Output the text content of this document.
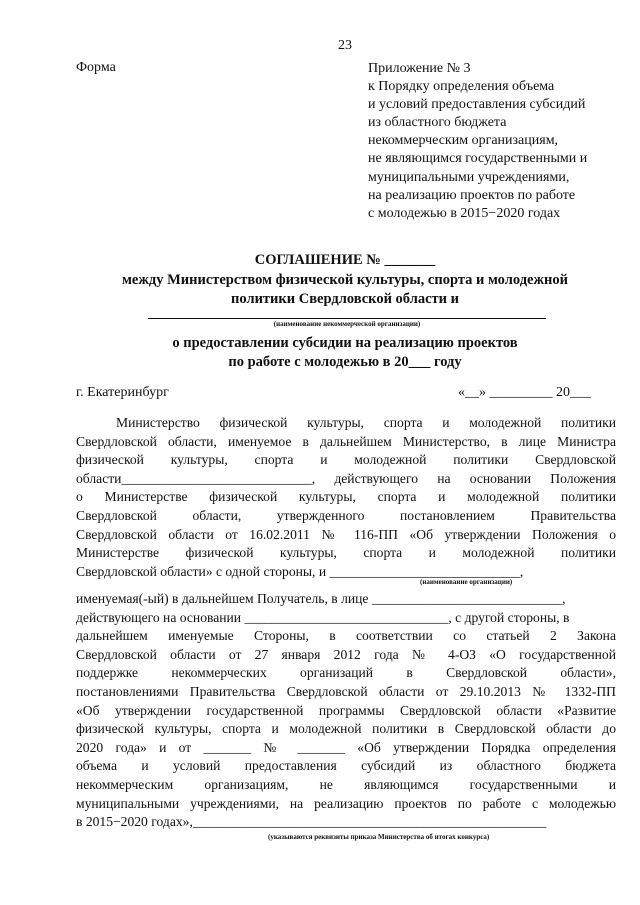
23
Форма	Приложение № 3
к Порядку определения объема
и условий предоставления субсидий
из областного бюджета
некоммерческим организациям,
не являющимся государственными и
муниципальными учреждениями,
на реализацию проектов по работе
с молодежью в 2015−2020 годах
СОГЛАШЕНИЕ № _______
между Министерством физической культуры, спорта и молодежной
политики Свердловской области и
(наименование некоммерческой организации)
о предоставлении субсидии на реализацию проектов
по работе с молодежью в 20___ году
г. Екатеринбург	«__» _________ 20___
Министерство физической культуры, спорта и молодежной политики
Свердловской области, именуемое в дальнейшем Министерство, в лице Министра
физической культуры, спорта и молодежной политики Свердловской
области____________________________, действующего на основании Положения
о Министерстве физической культуры, спорта и молодежной политики
Свердловской области, утвержденного постановлением Правительства
Свердловской области от 16.02.2011 № 116-ПП «Об утверждении Положения о
Министерстве физической культуры, спорта и молодежной политики
Свердловской области» с одной стороны, и ____________________________,
(наименование организации)
именуемая(-ый) в дальнейшем Получатель, в лице ____________________________,
действующего на основании ______________________________, с другой стороны, в
дальнейшем именуемые Стороны, в соответствии со статьей 2 Закона
Свердловской области от 27 января 2012 года № 4-ОЗ «О государственной
поддержке некоммерческих организаций в Свердловской области»,
постановлениями Правительства Свердловской области от 29.10.2013 № 1332-ПП
«Об утверждении государственной программы Свердловской области «Развитие
физической культуры, спорта и молодежной политики в Свердловской области до
2020 года» и от _______ № _______ «Об утверждении Порядка определения
объема и условий предоставления субсидий из областного бюджета
некоммерческим организациям, не являющимся государственными и
муниципальными учреждениями, на реализацию проектов по работе с молодежью
в 2015−2020 годах»,____________________________________________________
(указываются реквизиты приказа Министерства об итогах конкурса)
